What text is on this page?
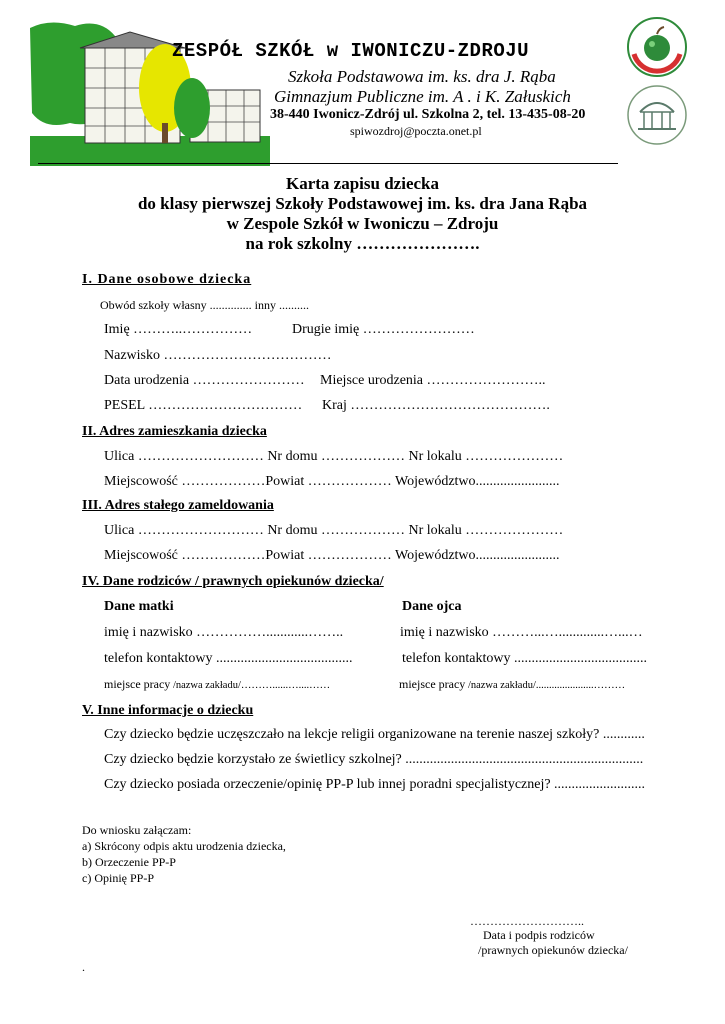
ZESPÓŁ SZKÓŁ w IWONICZU-ZDROJU
Szkoła Podstawowa im. ks. dra J. Rąba
Gimnazjum Publiczne im. A . i K. Załuskich
38-440 Iwonicz-Zdrój ul. Szkolna 2, tel. 13-435-08-20
spiwozdroj@poczta.onet.pl
Karta zapisu dziecka
do klasy pierwszej Szkoły Podstawowej im. ks. dra Jana Rąba
w Zespole Szkół w Iwoniczu – Zdroju
na rok szkolny ………………….
I. Dane osobowe dziecka
Obwód szkoły własny .............. inny ..........
Imię ………..……………	Drugie imię ……………………
Nazwisko ………………………………
Data urodzenia …………………… Miejsce urodzenia ……………………..
PESEL …………………………… Kraj …………………………………….
II. Adres zamieszkania dziecka
Ulica ……………………… Nr domu ……………… Nr lokalu …………………
Miejscowość ………………Powiat ……………… Województwo........................
III. Adres stałego zameldowania
Ulica ……………………… Nr domu ……………… Nr lokalu …………………
Miejscowość ………………Powiat ……………… Województwo........................
IV. Dane rodziców / prawnych opiekunów dziecka/
Dane matki	Dane ojca
imię i nazwisko ……………............……..	imię i nazwisko ………...….............…...…
telefon kontaktowy .......................................	telefon kontaktowy ......................................
miejsce pracy /nazwa zakładu/………......…....……	miejsce pracy /nazwa zakładu/......................………
V. Inne informacje o dziecku
Czy dziecko będzie uczęszczało na lekcje religii organizowane na terenie naszej szkoły? ............
Czy dziecko będzie korzystało ze świetlicy szkolnej? ....................................................................
Czy dziecko posiada orzeczenie/opinię PP-P lub innej poradni specjalistycznej? ..........................
Do wniosku załączam:
a) Skrócony odpis aktu urodzenia dziecka,
b) Orzeczenie PP-P
c) Opinię PP-P
………………………..
Data i podpis rodziców
/prawnych opiekunów dziecka/
.
